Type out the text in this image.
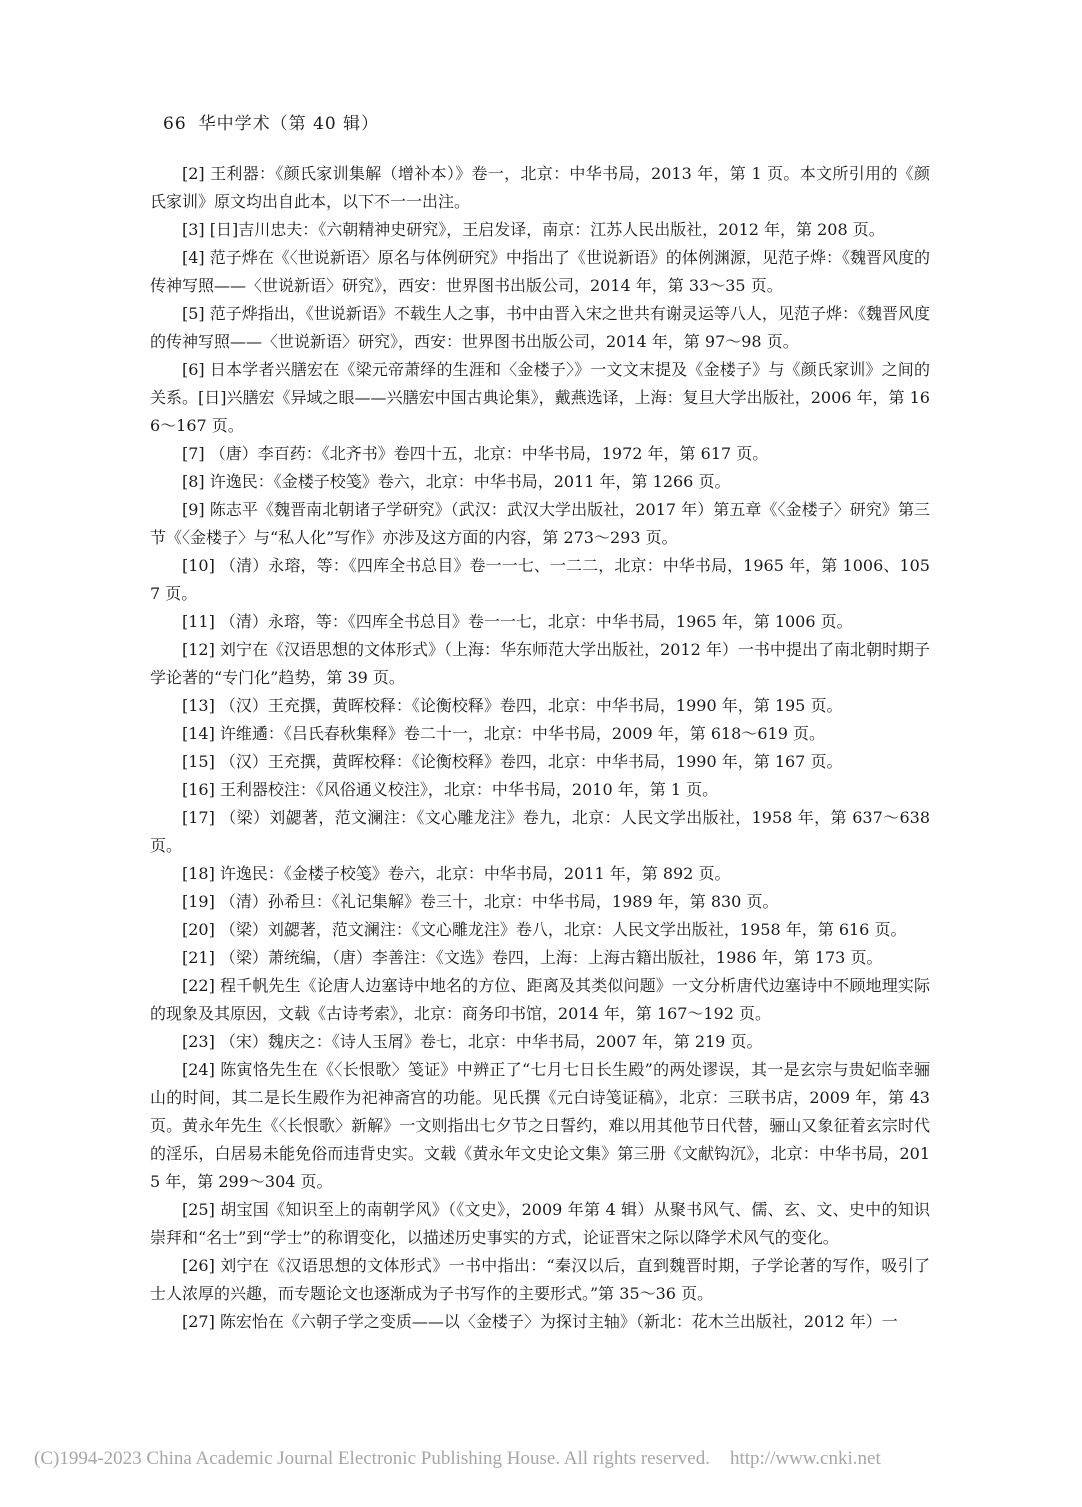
66 华中学术（第 40 辑）

[2] 王利器：《颜氏家训集解（增补本）》卷一，北京：中华书局，2013 年，第 1 页。本文所引用的《颜氏家训》原文均出自此本，以下不一一出注。

[3] [日]吉川忠夫：《六朝精神史研究》，王启发译，南京：江苏人民出版社，2012 年，第 208 页。

[4] 范子烨在《〈世说新语〉原名与体例研究》中指出了《世说新语》的体例渊源，见范子烨：《魏晋风度的传神写照——〈世说新语〉研究》，西安：世界图书出版公司，2014 年，第 33～35 页。

[5] 范子烨指出，《世说新语》不载生人之事，书中由晋入宋之世共有谢灵运等八人，见范子烨：《魏晋风度的传神写照——〈世说新语〉研究》，西安：世界图书出版公司，2014 年，第 97～98 页。

[6] 日本学者兴膳宏在《梁元帝萧绎的生涯和〈金楼子〉》一文文末提及《金楼子》与《颜氏家训》之间的关系。[日]兴膳宏《异域之眼——兴膳宏中国古典论集》，戴燕选译，上海：复旦大学出版社，2006 年，第 166～167 页。

[7] （唐）李百药：《北齐书》卷四十五，北京：中华书局，1972 年，第 617 页。

[8] 许逸民：《金楼子校笺》卷六，北京：中华书局，2011 年，第 1266 页。

[9] 陈志平《魏晋南北朝诸子学研究》（武汉：武汉大学出版社，2017 年）第五章《〈金楼子〉研究》第三节《〈金楼子〉与“私人化”写作》亦涉及这方面的内容，第 273～293 页。

[10] （清）永瑢，等：《四库全书总目》卷一一七、一二二，北京：中华书局，1965 年，第 1006、1057 页。

[11] （清）永瑢，等：《四库全书总目》卷一一七，北京：中华书局，1965 年，第 1006 页。

[12] 刘宁在《汉语思想的文体形式》（上海：华东师范大学出版社，2012 年）一书中提出了南北朝时期子学论著的“专门化”趋势，第 39 页。

[13] （汉）王充撰，黄晖校释：《论衡校释》卷四，北京：中华书局，1990 年，第 195 页。

[14] 许维遹：《吕氏春秋集释》卷二十一，北京：中华书局，2009 年，第 618～619 页。

[15] （汉）王充撰，黄晖校释：《论衡校释》卷四，北京：中华书局，1990 年，第 167 页。

[16] 王利器校注：《风俗通义校注》，北京：中华书局，2010 年，第 1 页。

[17] （梁）刘勰著，范文澜注：《文心雕龙注》卷九，北京：人民文学出版社，1958 年，第 637～638 页。

[18] 许逸民：《金楼子校笺》卷六，北京：中华书局，2011 年，第 892 页。

[19] （清）孙希旦：《礼记集解》卷三十，北京：中华书局，1989 年，第 830 页。

[20] （梁）刘勰著，范文澜注：《文心雕龙注》卷八，北京：人民文学出版社，1958 年，第 616 页。

[21] （梁）萧统编，（唐）李善注：《文选》卷四，上海：上海古籍出版社，1986 年，第 173 页。

[22] 程千帆先生《论唐人边塞诗中地名的方位、距离及其类似问题》一文分析唐代边塞诗中不顾地理实际的现象及其原因，文载《古诗考索》，北京：商务印书馆，2014 年，第 167～192 页。

[23] （宋）魏庆之：《诗人玉屑》卷七，北京：中华书局，2007 年，第 219 页。

[24] 陈寅恪先生在《〈长恨歌〉笺证》中辨正了“七月七日长生殿”的两处谬误，其一是玄宗与贵妃临幸骊山的时间，其二是长生殿作为祀神斋宫的功能。见氏撰《元白诗笺证稿》，北京：三联书店，2009 年，第 43 页。黄永年先生《〈长恨歌〉新解》一文则指出七夕节之日誓约，难以用其他节日代替，骊山又象征着玄宗时代的淫乐，白居易未能免俗而违背史实。文载《黄永年文史论文集》第三册《文献钩沉》，北京：中华书局，2015 年，第 299～304 页。

[25] 胡宝国《知识至上的南朝学风》（《文史》，2009 年第 4 辑）从聚书风气、儒、玄、文、史中的知识崇拜和“名士”到“学士”的称谓变化，以描述历史事实的方式，论证晋宋之际以降学术风气的变化。

[26] 刘宁在《汉语思想的文体形式》一书中指出：“秦汉以后，直到魏晋时期，子学论著的写作，吸引了士人浓厚的兴趣，而专题论文也逐渐成为子书写作的主要形式。”第 35～36 页。

[27] 陈宏怡在《六朝子学之变质——以〈金楼子〉为探讨主轴》（新北：花木兰出版社，2012 年）一

(C)1994-2023 China Academic Journal Electronic Publishing House. All rights reserved. http://www.cnki.net
